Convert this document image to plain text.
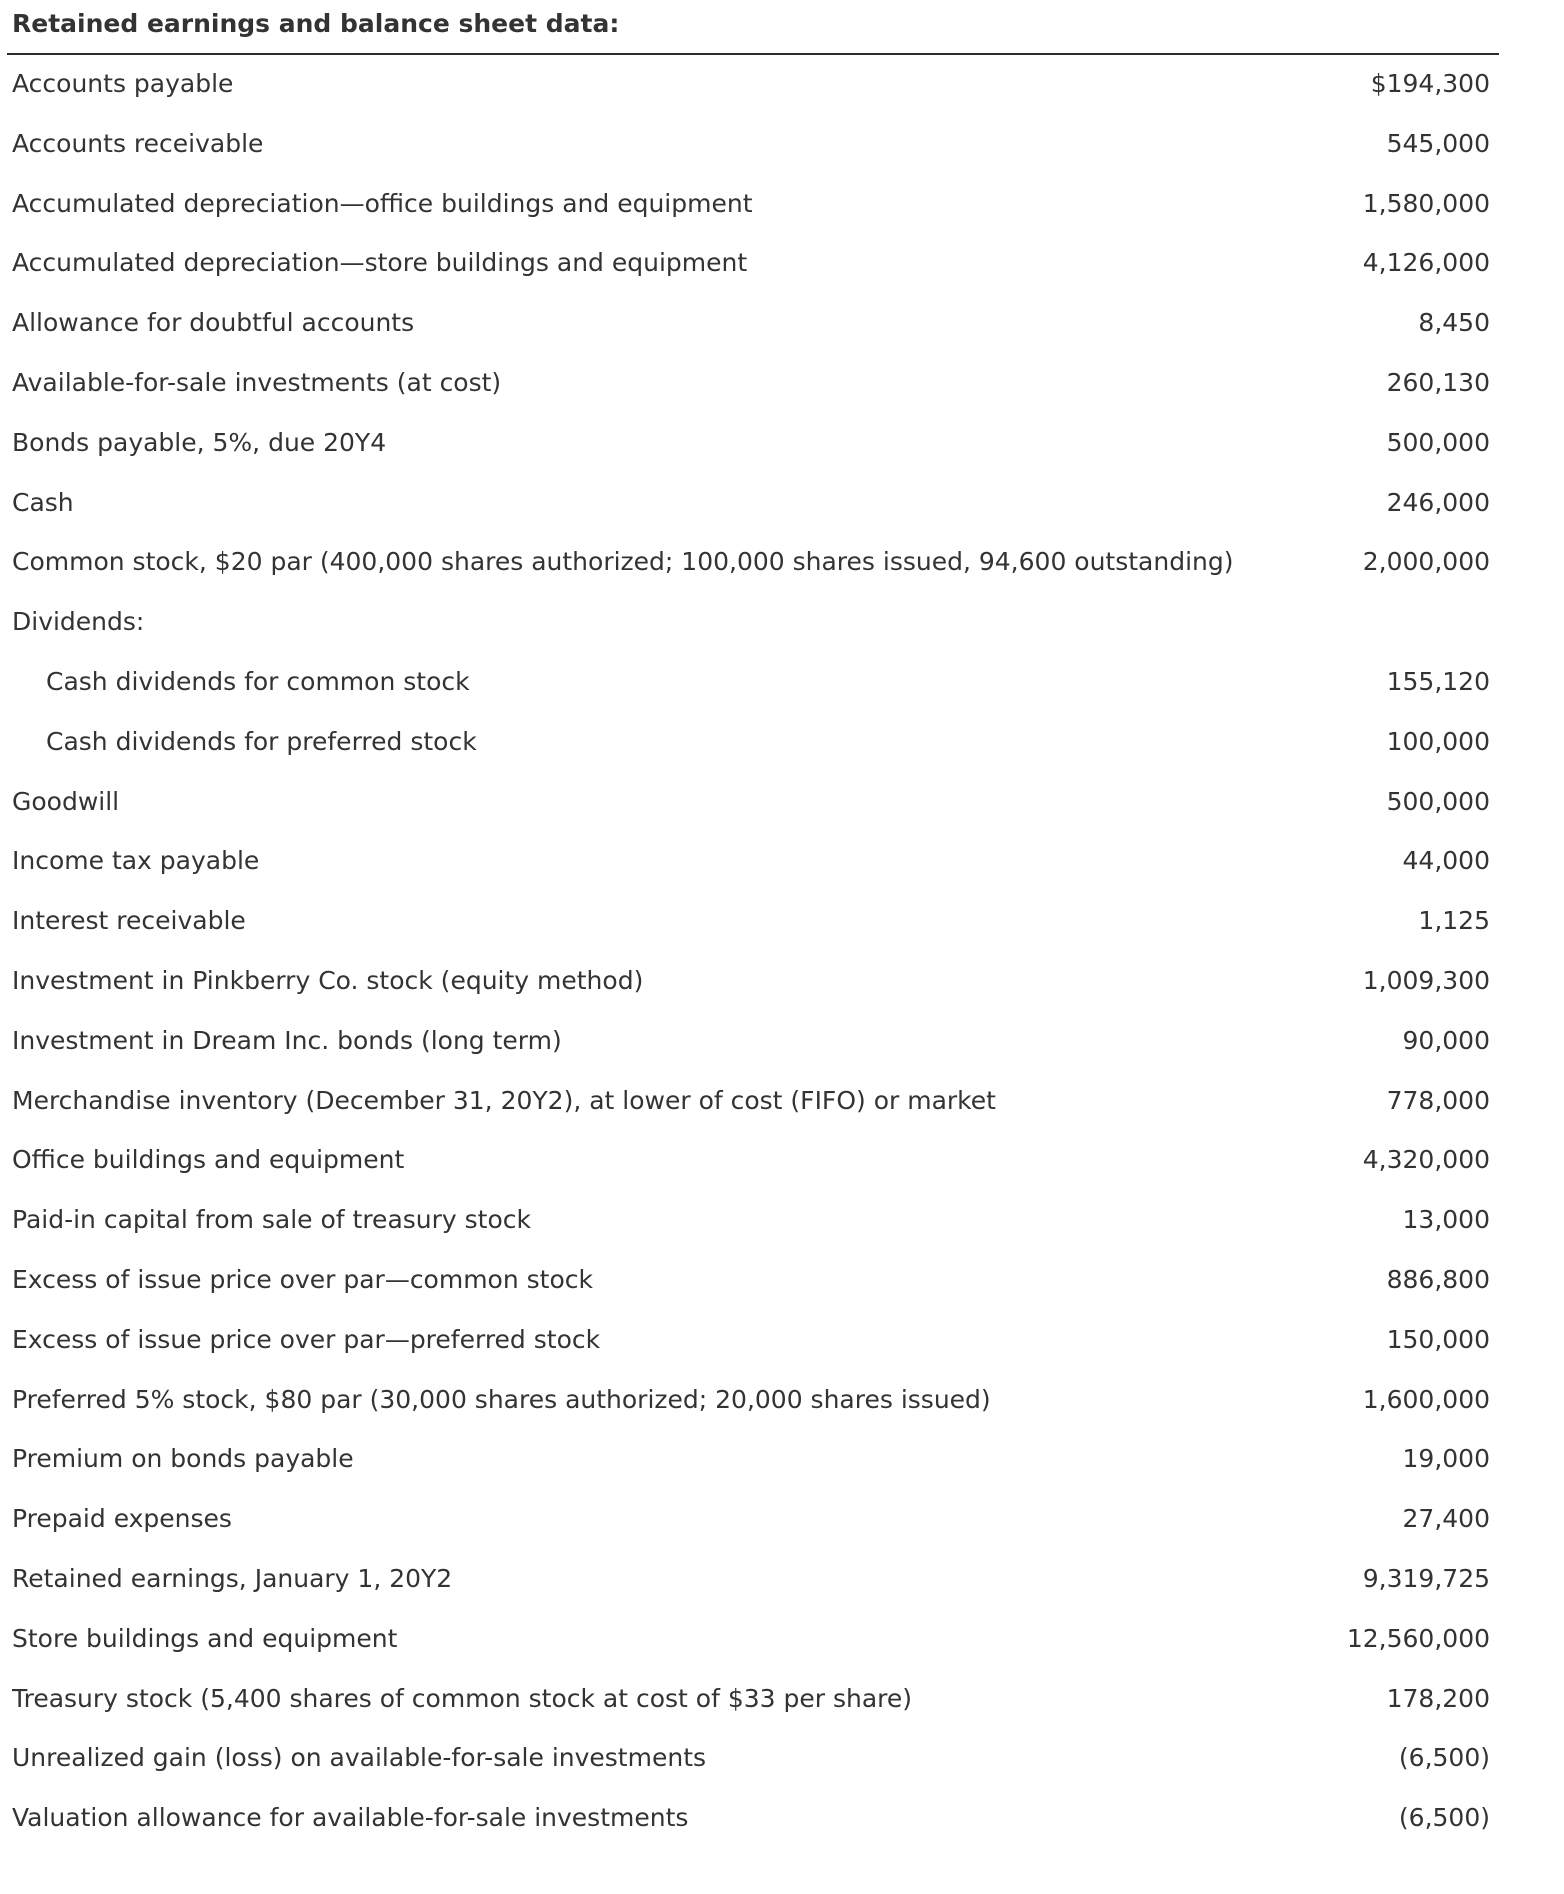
Retained earnings and balance sheet data:
Accounts payable	$194,300
Accounts receivable	545,000
Accumulated depreciation—office buildings and equipment	1,580,000
Accumulated depreciation—store buildings and equipment	4,126,000
Allowance for doubtful accounts	8,450
Available-for-sale investments (at cost)	260,130
Bonds payable, 5%, due 20Y4	500,000
Cash	246,000
Common stock, $20 par (400,000 shares authorized; 100,000 shares issued, 94,600 outstanding)	2,000,000
Dividends:
Cash dividends for common stock	155,120
Cash dividends for preferred stock	100,000
Goodwill	500,000
Income tax payable	44,000
Interest receivable	1,125
Investment in Pinkberry Co. stock (equity method)	1,009,300
Investment in Dream Inc. bonds (long term)	90,000
Merchandise inventory (December 31, 20Y2), at lower of cost (FIFO) or market	778,000
Office buildings and equipment	4,320,000
Paid-in capital from sale of treasury stock	13,000
Excess of issue price over par—common stock	886,800
Excess of issue price over par—preferred stock	150,000
Preferred 5% stock, $80 par (30,000 shares authorized; 20,000 shares issued)	1,600,000
Premium on bonds payable	19,000
Prepaid expenses	27,400
Retained earnings, January 1, 20Y2	9,319,725
Store buildings and equipment	12,560,000
Treasury stock (5,400 shares of common stock at cost of $33 per share)	178,200
Unrealized gain (loss) on available-for-sale investments	(6,500)
Valuation allowance for available-for-sale investments	(6,500)
